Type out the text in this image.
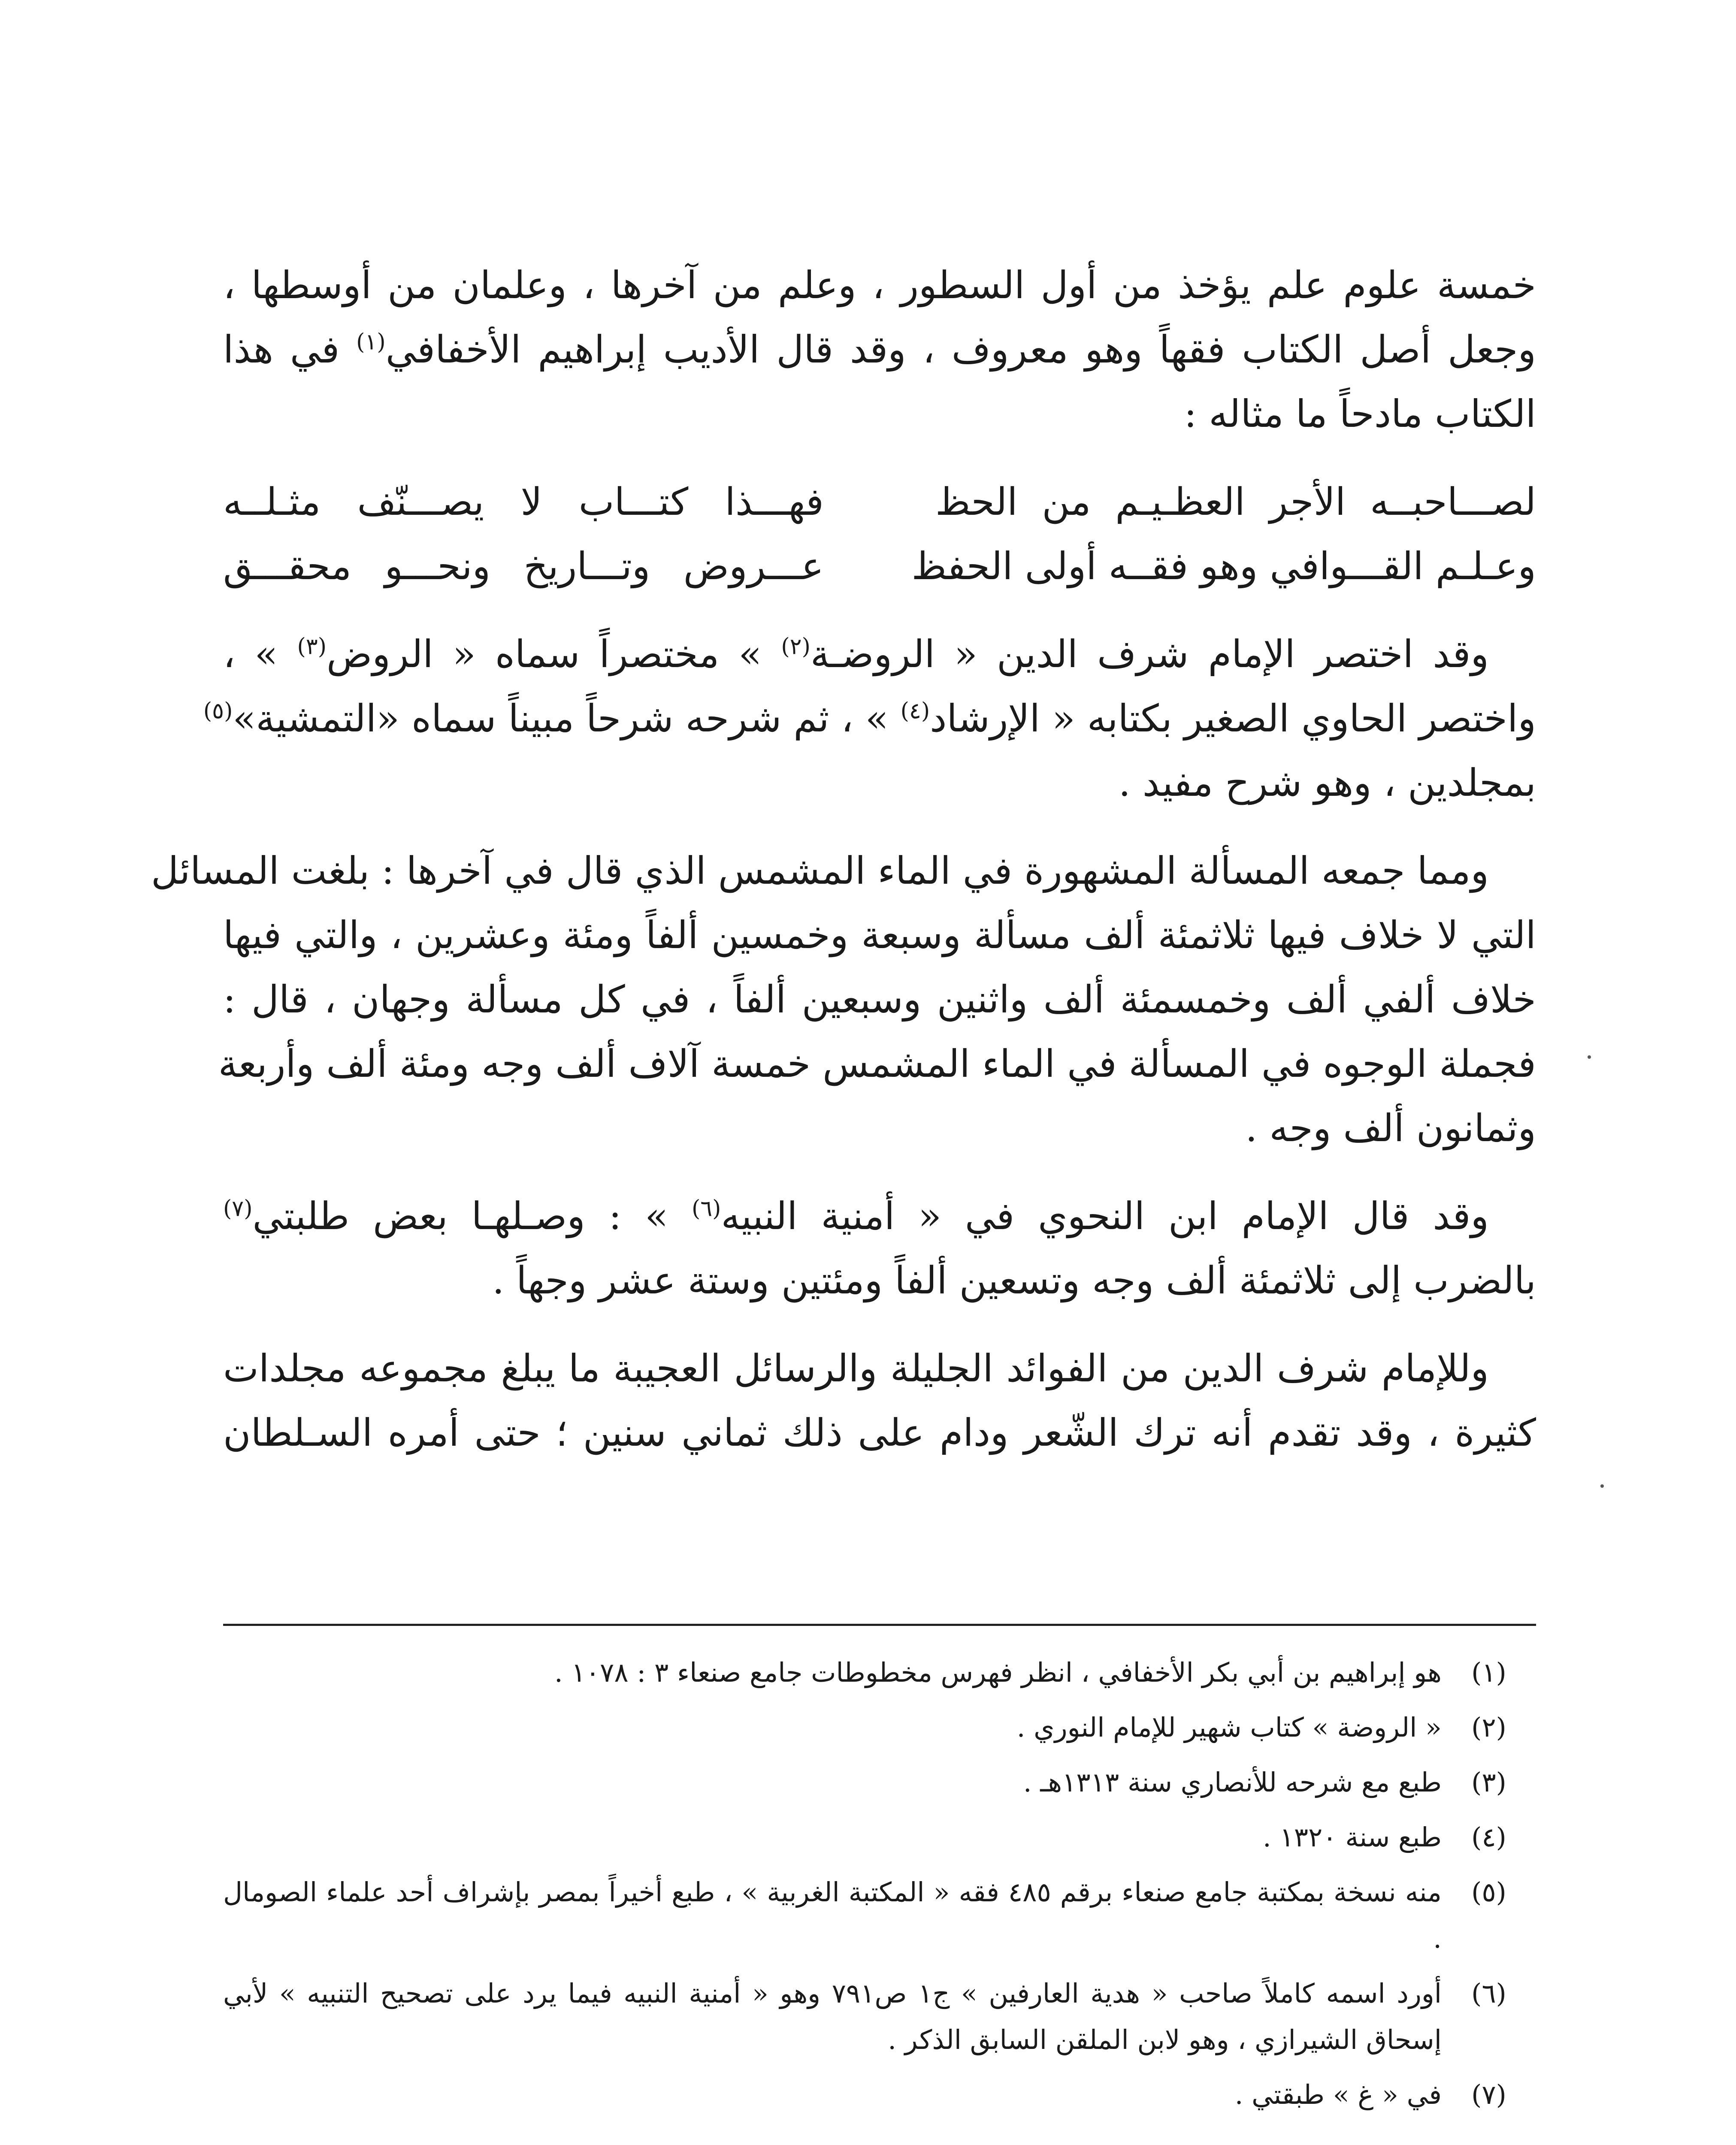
خمسة علوم علم يؤخذ من أول السطور ، وعلم من آخرها ، وعلمان من أوسطها ،
وجعل أصل الكتاب فقهاً وهو معروف ، وقد قال الأديب إبراهيم الأخفافي$^{(١)}$ في هذا
الكتاب مادحاً ما مثاله :
لصـــاحبــه الأجر العظـيـم من الحظ
فهـــذا كتـــاب لا يصـــنّف مثـلــه
وعـلـم القـــوافي وهو فقــه أولى الحفظ
عـــروض وتـــاريخ ونحـــو محقـــق
وقد اختصر الإمام شرف الدين « الروضـة$^{(٢)}$ » مختصراً سماه « الروض$^{(٣)}$ » ،
واختصر الحاوي الصغير بكتابه « الإرشاد$^{(٤)}$ » ، ثم شرحه شرحاً مبيناً سماه «التمشية»$^{(٥)}$
بمجلدين ، وهو شرح مفيد .
ومما جمعه المسألة المشهورة في الماء المشمس الذي قال في آخرها : بلغت المسائل
التي لا خلاف فيها ثلاثمئة ألف مسألة وسبعة وخمسين ألفاً ومئة وعشرين ، والتي فيها
خلاف ألفي ألف وخمسمئة ألف واثنين وسبعين ألفاً ، في كل مسألة وجهان ، قال :
فجملة الوجوه في المسألة في الماء المشمس خمسة آلاف ألف وجه ومئة ألف وأربعة
وثمانون ألف وجه .
وقد قال الإمام ابن النحوي في « أمنية النبيه$^{(٦)}$ » : وصـلهـا بعض طلبتي$^{(٧)}$
بالضرب إلى ثلاثمئة ألف وجه وتسعين ألفاً ومئتين وستة عشر وجهاً .
وللإمام شرف الدين من الفوائد الجليلة والرسائل العجيبة ما يبلغ مجموعه مجلدات
كثيرة ، وقد تقدم أنه ترك الشّعر ودام على ذلك ثماني سنين ؛ حتى أمره السـلطان
(١)
هو إبراهيم بن أبي بكر الأخفافي ، انظر فهرس مخطوطات جامع صنعاء ٣ : ١٠٧٨ .
(٢)
« الروضة » كتاب شهير للإمام النوري .
(٣)
طبع مع شرحه للأنصاري سنة ١٣١٣هـ .
(٤)
طبع سنة ١٣٢٠ .
(٥)
منه نسخة بمكتبة جامع صنعاء برقم ٤٨٥ فقه « المكتبة الغربية » ، طبع أخيراً بمصر بإشراف أحد علماء الصومال .
(٦)
أورد اسمه كاملاً صاحب « هدية العارفين » ج١ ص٧٩١ وهو « أمنية النبيه فيما يرد على تصحيح التنبيه » لأبي إسحاق الشيرازي ، وهو لابن الملقن السابق الذكر .
(٧)
في « غ » طبقتي .
